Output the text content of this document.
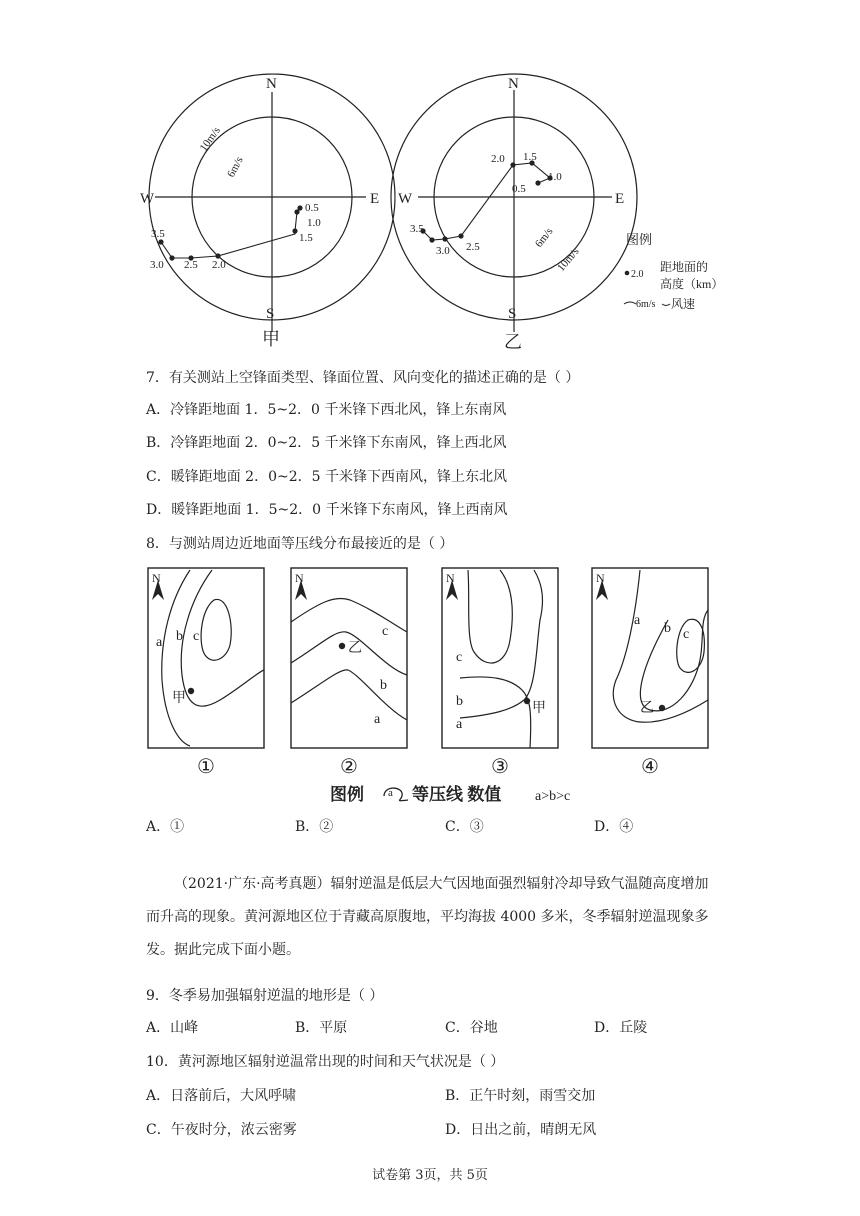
N
W	E
S
甲
6m/s
10m/s
0.5
1.0
1.5
2.0
2.5
3.0
3.5
N
W	E
S
乙
6m/s
10m/s
0.5
1.0
1.5
2.0
2.5
3.0
3.5
图例
2.0
距地面的
高度（km）
6m/s 风速
7．有关测站上空锋面类型、锋面位置、风向变化的描述正确的是（ ）
A．冷锋距地面 1．5~2．0 千米锋下西北风，锋上东南风
B．冷锋距地面 2．0~2．5 千米锋下东南风，锋上西北风
C．暖锋距地面 2．0~2．5 千米锋下西南风，锋上东北风
D．暖锋距地面 1．5~2．0 千米锋下东南风，锋上西南风
8．与测站周边近地面等压线分布最接近的是（ ）
N
a b c
甲
N
c
b
a
乙
N
c
b
a
甲
N
a
b c
乙
①	②	③	④
图例 a 等压线 数值 a>b>c
A．①	B．②	C．③	D．④
（2021·广东·高考真题）辐射逆温是低层大气因地面强烈辐射冷却导致气温随高度增加而升高的现象。黄河源地区位于青藏高原腹地，平均海拔 4000 多米，冬季辐射逆温现象多发。据此完成下面小题。
9．冬季易加强辐射逆温的地形是（ ）
A．山峰	B．平原	C．谷地	D．丘陵
10．黄河源地区辐射逆温常出现的时间和天气状况是（ ）
A．日落前后，大风呼啸	B．正午时刻，雨雪交加
C．午夜时分，浓云密雾	D．日出之前，晴朗无风
试卷第 3页，共 5页
